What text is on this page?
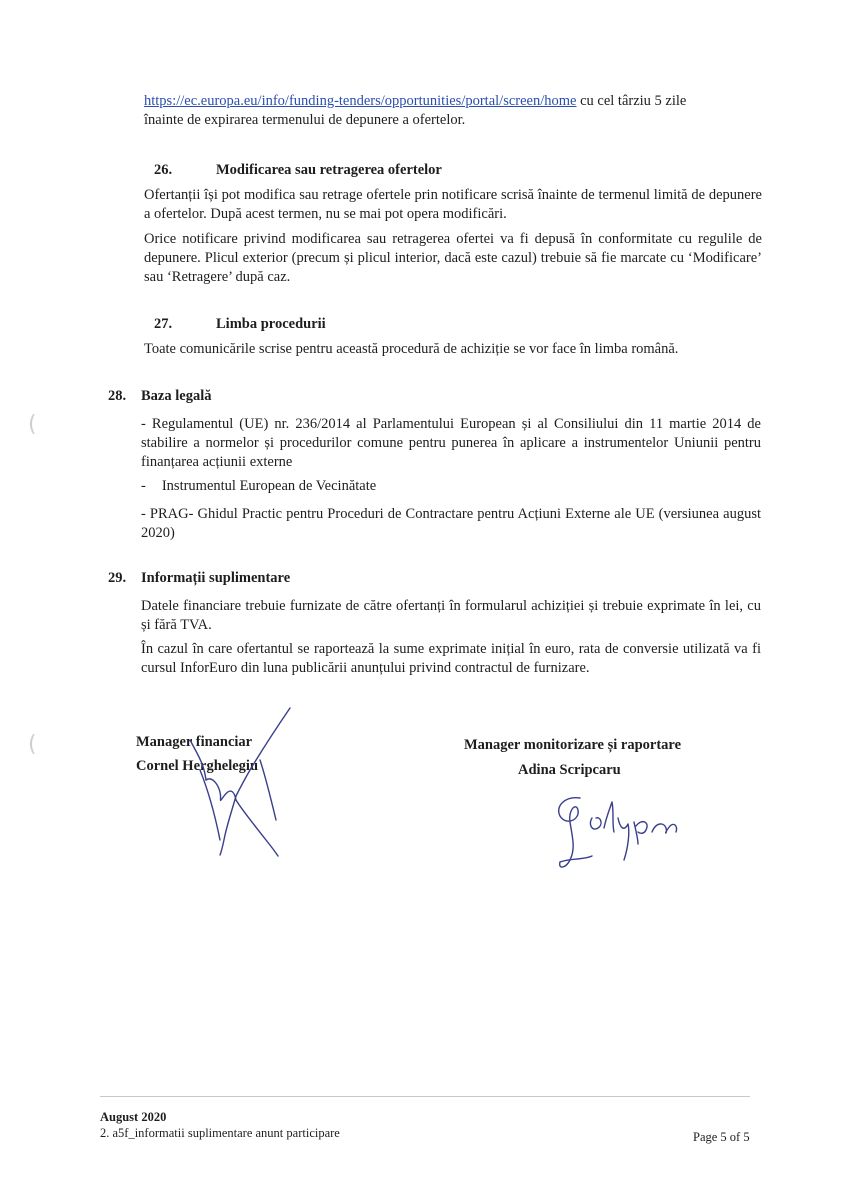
https://ec.europa.eu/info/funding-tenders/opportunities/portal/screen/home cu cel târziu 5 zile
înainte de expirarea termenului de depunere a ofertelor.
26.	Modificarea sau retragerea ofertelor
Ofertanții își pot modifica sau retrage ofertele prin notificare scrisă înainte de termenul limită de depunere a ofertelor. După acest termen, nu se mai pot opera modificări.
Orice notificare privind modificarea sau retragerea ofertei va fi depusă în conformitate cu regulile de depunere. Plicul exterior (precum și plicul interior, dacă este cazul) trebuie să fie marcate cu ‘Modificare’ sau ‘Retragere’ după caz.
27.	Limba procedurii
Toate comunicările scrise pentru această procedură de achiziție se vor face în limba română.
28. Baza legală
- Regulamentul (UE) nr. 236/2014 al Parlamentului European și al Consiliului din 11 martie 2014 de stabilire a normelor și procedurilor comune pentru punerea în aplicare a instrumentelor Uniunii pentru finanțarea acțiunii externe
- Instrumentul European de Vecinătate
- PRAG- Ghidul Practic pentru Proceduri de Contractare pentru Acțiuni Externe ale UE (versiunea august 2020)
29. Informații suplimentare
Datele financiare trebuie furnizate de către ofertanți în formularul achiziției și trebuie exprimate în lei, cu și fără TVA.
În cazul în care ofertantul se raportează la sume exprimate inițial în euro, rata de conversie utilizată va fi cursul InforEuro din luna publicării anunțului privind contractul de furnizare.
Manager financiar
Cornel Herghelegiu
Manager monitorizare și raportare
Adina Scripcaru
(
(
August 2020
2. a5f_informatii suplimentare anunt participare	Page 5 of 5
